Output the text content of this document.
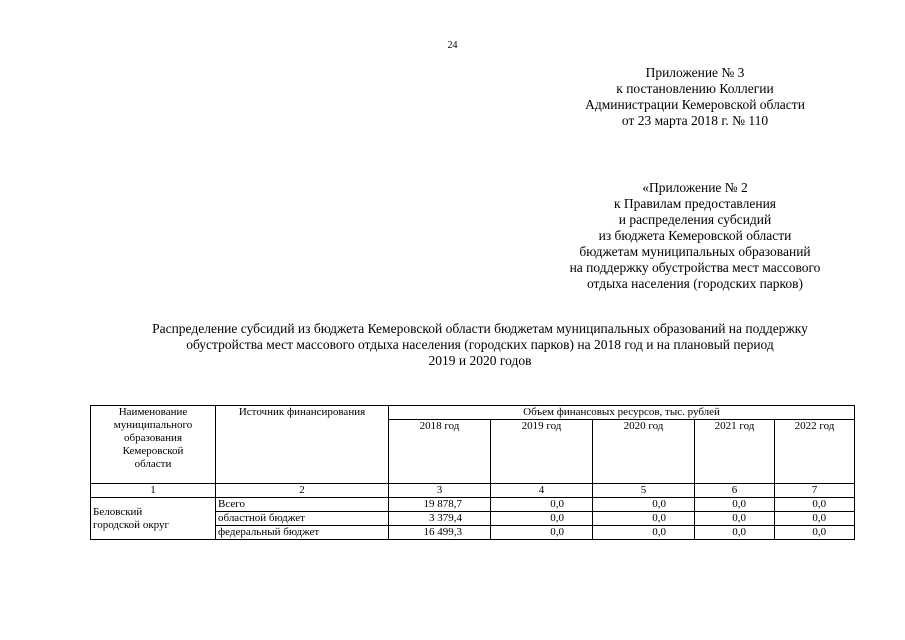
24
Приложение № 3
к постановлению Коллегии
Администрации Кемеровской области
от 23 марта 2018 г. № 110
«Приложение № 2
к Правилам предоставления
и распределения субсидий
из бюджета Кемеровской области
бюджетам муниципальных образований
на поддержку обустройства мест массового
отдыха населения (городских парков)
Распределение субсидий из бюджета Кемеровской области бюджетам муниципальных образований на поддержку
обустройства мест массового отдыха населения (городских парков) на 2018 год и на плановый период
2019 и 2020 годов
Наименование
муниципального
образования
Кемеровской
области	Источник финансирования	Объем финансовых ресурсов, тыс. рублей				
		2018 год	2019 год	2020 год	2021 год	2022 год
1	2	3	4	5	6	7

Беловский
городской округ	Всего	19 878,7	0,0	0,0	0,0	0,0
	областной бюджет	3 379,4	0,0	0,0	0,0	0,0
	федеральный бюджет	16 499,3	0,0	0,0	0,0	0,0
